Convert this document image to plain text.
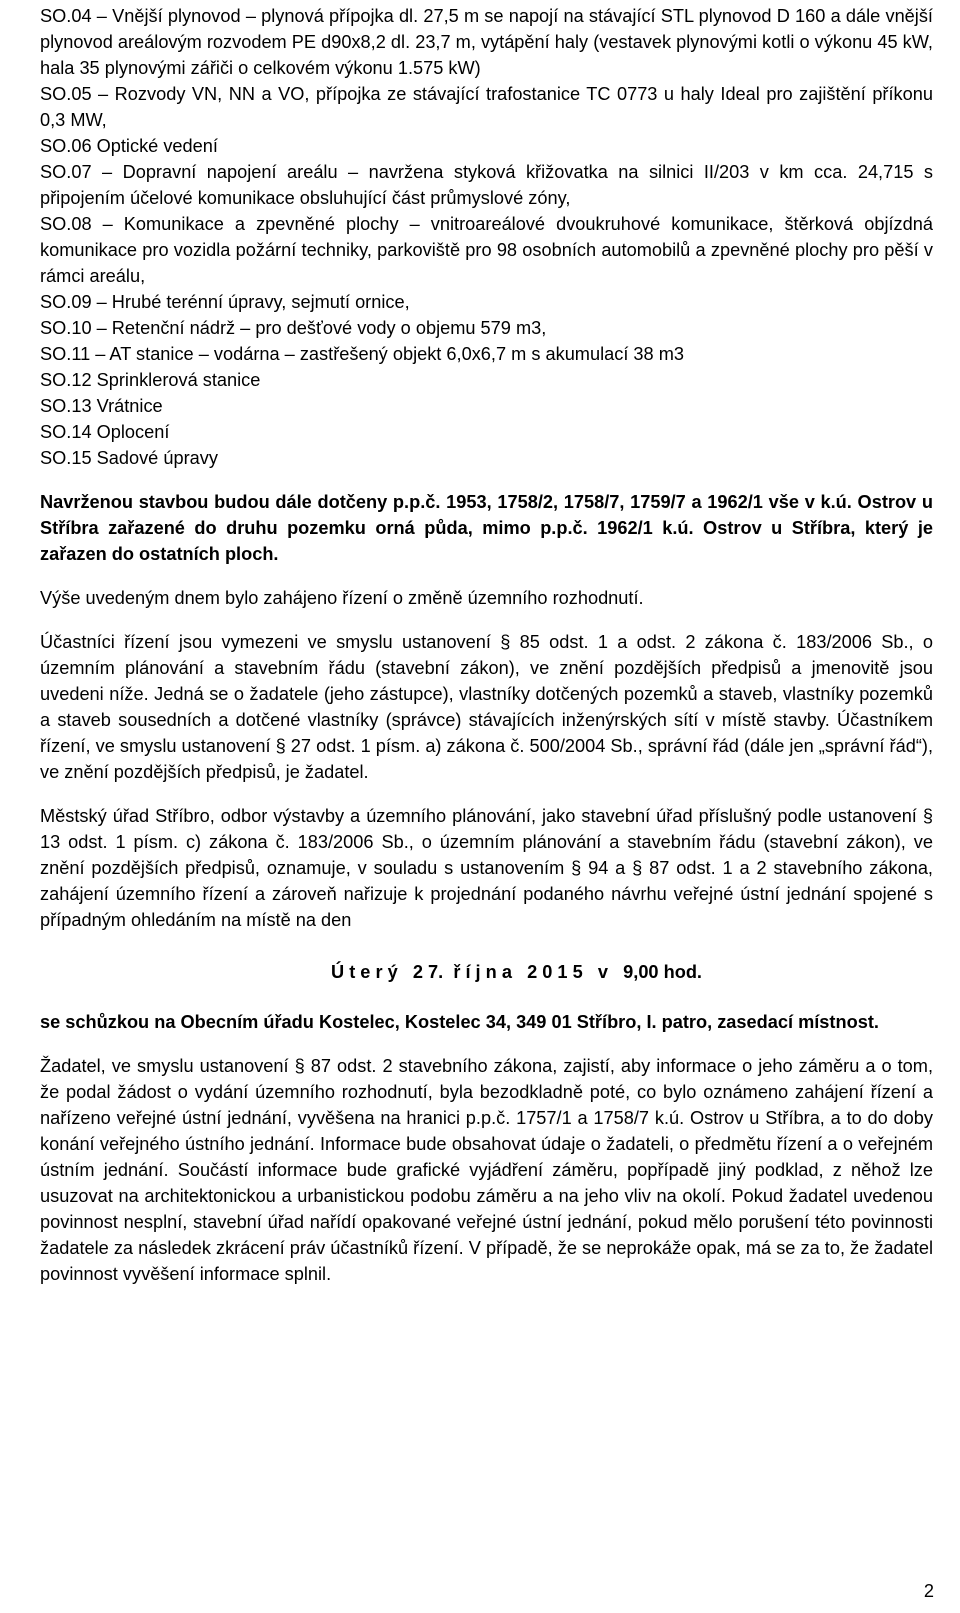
SO.04 – Vnější plynovod – plynová přípojka dl. 27,5 m se napojí na stávající STL plynovod D 160 a dále vnější plynovod areálovým rozvodem PE d90x8,2 dl. 23,7 m, vytápění haly (vestavek plynovými kotli o výkonu 45 kW, hala 35 plynovými zářiči o celkovém výkonu 1.575 kW)

SO.05 – Rozvody VN, NN a VO, přípojka ze stávající trafostanice TC 0773 u haly Ideal pro zajištění příkonu 0,3 MW,

SO.06 Optické vedení

SO.07 – Dopravní napojení areálu – navržena styková křižovatka na silnici II/203 v km cca. 24,715 s připojením účelové komunikace obsluhující část průmyslové zóny,

SO.08 – Komunikace a zpevněné plochy – vnitroareálové dvoukruhové komunikace, štěrková objízdná komunikace pro vozidla požární techniky, parkoviště pro 98 osobních automobilů a zpevněné plochy pro pěší v rámci areálu,

SO.09 – Hrubé terénní úpravy, sejmutí ornice,

SO.10 – Retenční nádrž – pro dešťové vody o objemu 579 m3,

SO.11 – AT stanice – vodárna – zastřešený objekt 6,0x6,7 m s akumulací 38 m3

SO.12 Sprinklerová stanice

SO.13 Vrátnice

SO.14 Oplocení

SO.15 Sadové úpravy

Navrženou stavbou budou dále dotčeny p.p.č. 1953, 1758/2, 1758/7, 1759/7 a 1962/1 vše v k.ú. Ostrov u Stříbra zařazené do druhu pozemku orná půda, mimo p.p.č. 1962/1 k.ú. Ostrov u Stříbra, který je zařazen do ostatních ploch.

Výše uvedeným dnem bylo zahájeno řízení o změně územního rozhodnutí.

Účastníci řízení jsou vymezeni ve smyslu ustanovení § 85 odst. 1 a odst. 2 zákona č. 183/2006 Sb., o územním plánování a stavebním řádu (stavební zákon), ve znění pozdějších předpisů a jmenovitě jsou uvedeni níže. Jedná se o žadatele (jeho zástupce), vlastníky dotčených pozemků a staveb, vlastníky pozemků a staveb sousedních a dotčené vlastníky (správce) stávajících inženýrských sítí v místě stavby. Účastníkem řízení, ve smyslu ustanovení § 27 odst. 1 písm. a) zákona č. 500/2004 Sb., správní řád (dále jen „správní řád“), ve znění pozdějších předpisů, je žadatel.

Městský úřad Stříbro, odbor výstavby a územního plánování, jako stavební úřad příslušný podle ustanovení § 13 odst. 1 písm. c) zákona č. 183/2006 Sb., o územním plánování a stavebním řádu (stavební zákon), ve znění pozdějších předpisů, oznamuje, v souladu s ustanovením § 94 a § 87 odst. 1 a 2 stavebního zákona, zahájení územního řízení a zároveň nařizuje k projednání podaného návrhu veřejné ústní jednání spojené s případným ohledáním na místě na den

Ú t e r ý   2 7.  ř í j n a   2 0 1 5   v   9,00 hod.

se schůzkou na Obecním úřadu Kostelec, Kostelec 34, 349 01 Stříbro, I. patro, zasedací místnost.

Žadatel, ve smyslu ustanovení § 87 odst. 2 stavebního zákona, zajistí, aby informace o jeho záměru a o tom, že podal žádost o vydání územního rozhodnutí, byla bezodkladně poté, co bylo oznámeno zahájení řízení a nařízeno veřejné ústní jednání, vyvěšena na hranici p.p.č. 1757/1 a 1758/7 k.ú. Ostrov u Stříbra, a to do doby konání veřejného ústního jednání. Informace bude obsahovat údaje o žadateli, o předmětu řízení a o veřejném ústním jednání. Součástí informace bude grafické vyjádření záměru, popřípadě jiný podklad, z něhož lze usuzovat na architektonickou a urbanistickou podobu záměru a na jeho vliv na okolí. Pokud žadatel uvedenou povinnost nesplní, stavební úřad nařídí opakované veřejné ústní jednání, pokud mělo porušení této povinnosti žadatele za následek zkrácení práv účastníků řízení. V případě, že se neprokáže opak, má se za to, že žadatel povinnost vyvěšení informace splnil.

2
